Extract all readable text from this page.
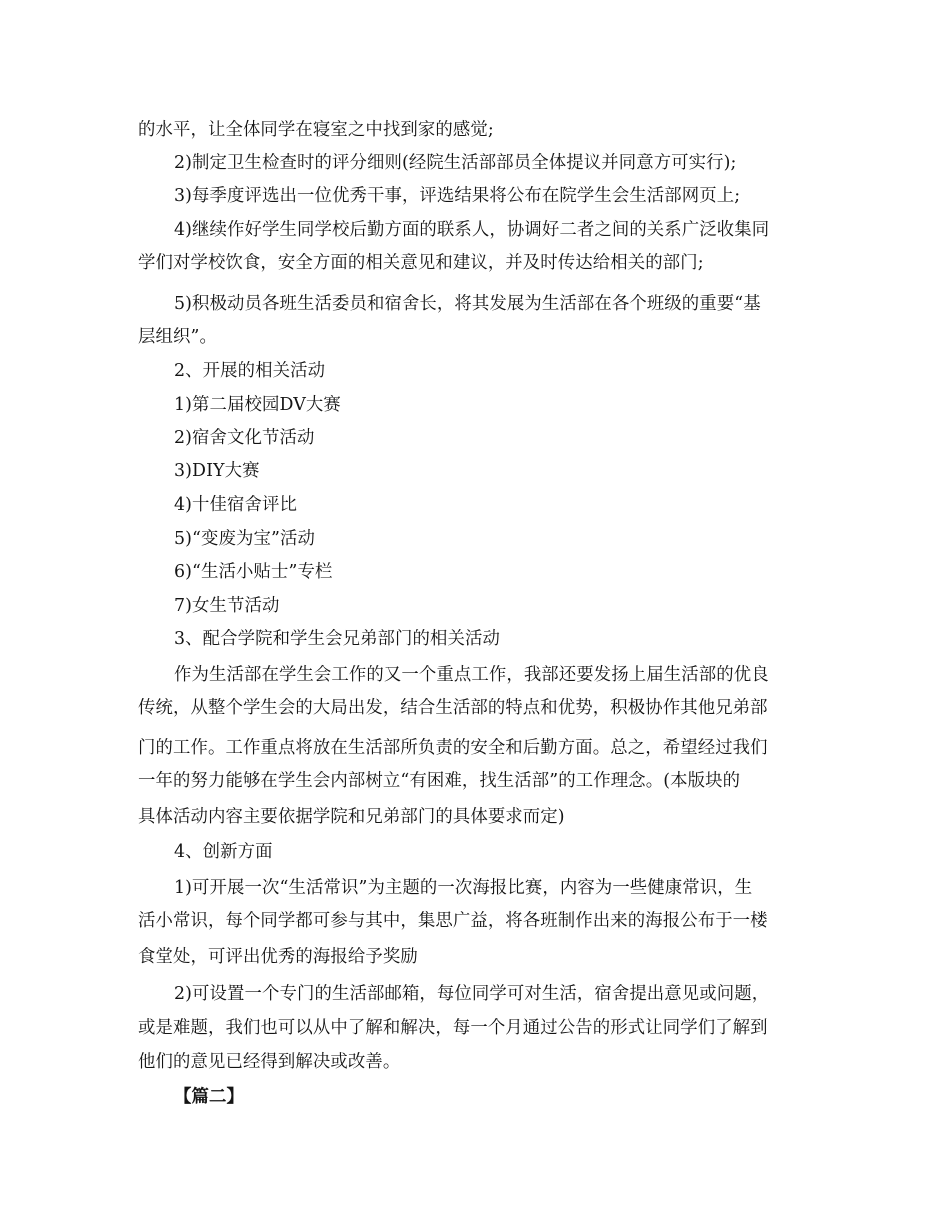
的水平，让全体同学在寝室之中找到家的感觉;
2)制定卫生检查时的评分细则(经院生活部部员全体提议并同意方可实行);
3)每季度评选出一位优秀干事，评选结果将公布在院学生会生活部网页上;
4)继续作好学生同学校后勤方面的联系人，协调好二者之间的关系广泛收集同
学们对学校饮食，安全方面的相关意见和建议，并及时传达给相关的部门;
5)积极动员各班生活委员和宿舍长，将其发展为生活部在各个班级的重要“基
层组织”。
2、开展的相关活动
1)第二届校园DV大赛
2)宿舍文化节活动
3)DIY大赛
4)十佳宿舍评比
5)“变废为宝”活动
6)“生活小贴士”专栏
7)女生节活动
3、配合学院和学生会兄弟部门的相关活动
作为生活部在学生会工作的又一个重点工作，我部还要发扬上届生活部的优良
传统，从整个学生会的大局出发，结合生活部的特点和优势，积极协作其他兄弟部
门的工作。工作重点将放在生活部所负责的安全和后勤方面。总之，希望经过我们
一年的努力能够在学生会内部树立“有困难，找生活部”的工作理念。(本版块的
具体活动内容主要依据学院和兄弟部门的具体要求而定)
4、创新方面
1)可开展一次“生活常识”为主题的一次海报比赛，内容为一些健康常识，生
活小常识，每个同学都可参与其中，集思广益，将各班制作出来的海报公布于一楼
食堂处，可评出优秀的海报给予奖励
2)可设置一个专门的生活部邮箱，每位同学可对生活，宿舍提出意见或问题，
或是难题，我们也可以从中了解和解决，每一个月通过公告的形式让同学们了解到
他们的意见已经得到解决或改善。
【篇二】
